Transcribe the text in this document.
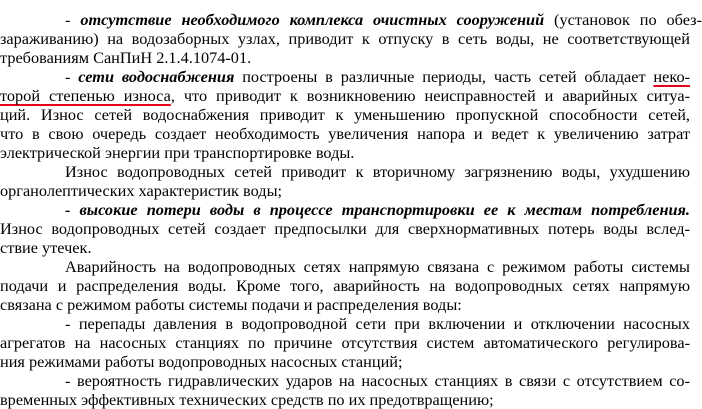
- отсутствие необходимого комплекса очистных сооружений (установок по обез-
зараживанию) на водозаборных узлах, приводит к отпуску в сеть воды, не соответствующей
требованиям СанПиН 2.1.4.1074-01.
- сети водоснабжения построены в различные периоды, часть сетей обладает неко-
торой степенью износа, что приводит к возникновению неисправностей и аварийных ситуа-
ций. Износ сетей водоснабжения приводит к уменьшению пропускной способности сетей,
что в свою очередь создает необходимость увеличения напора и ведет к увеличению затрат
электрической энергии при транспортировке воды.
Износ водопроводных сетей приводит к вторичному загрязнению воды, ухудшению
органолептических характеристик воды;
- высокие потери воды в процессе транспортировки ее к местам потребления.
Износ водопроводных сетей создает предпосылки для сверхнормативных потерь воды вслед-
ствие утечек.
Аварийность на водопроводных сетях напрямую связана с режимом работы системы
подачи и распределения воды. Кроме того, аварийность на водопроводных сетях напрямую
связана с режимом работы системы подачи и распределения воды:
- перепады давления в водопроводной сети при включении и отключении насосных
агрегатов на насосных станциях по причине отсутствия систем автоматического регулирова-
ния режимами работы водопроводных насосных станций;
- вероятность гидравлических ударов на насосных станциях в связи с отсутствием со-
временных эффективных технических средств по их предотвращению;
